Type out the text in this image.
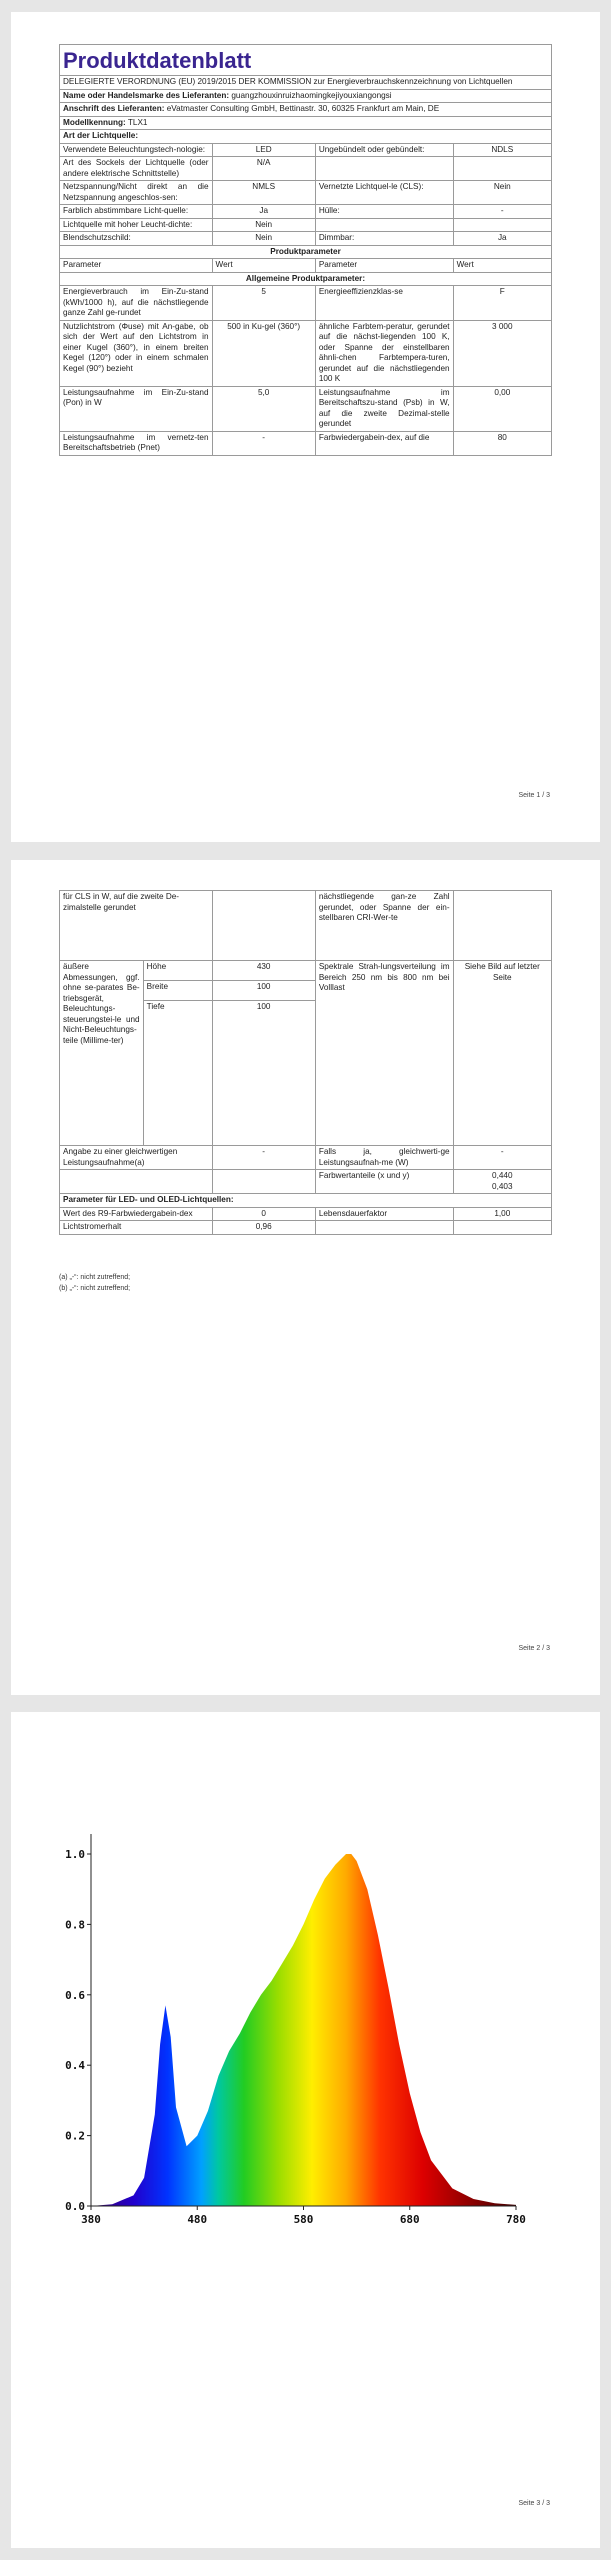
Produktdatenblatt
DELEGIERTE VERORDNUNG (EU) 2019/2015 DER KOMMISSION zur Energieverbrauchskennzeichnung von Lichtquellen
Name oder Handelsmarke des Lieferanten: guangzhouxinruizhaomingkejiyouxiangongsi
Anschrift des Lieferanten: eVatmaster Consulting GmbH, Bettinastr. 30, 60325 Frankfurt am Main, DE
Modellkennung: TLX1
Art der Lichtquelle:
Verwendete Beleuchtungstech-nologie:	LED	Ungebündelt oder gebündelt:	NDLS
Art des Sockels der Lichtquelle (oder andere elektrische Schnittstelle)	N/A		
Netzspannung/Nicht direkt an die Netzspannung angeschlos-sen:	NMLS	Vernetzte Lichtquel-le (CLS):	Nein
Farblich abstimmbare Licht-quelle:	Ja	Hülle:	-
Lichtquelle mit hoher Leucht-dichte:	Nein		
Blendschutzschild:	Nein	Dimmbar:	Ja
Produktparameter			
Parameter	Wert	Parameter	Wert
Allgemeine Produktparameter:			
Energieverbrauch im Ein-Zu-stand (kWh/1000 h), auf die nächstliegende ganze Zahl ge-rundet	5	Energieeffizienzklas-se	F
Nutzlichtstrom (Φuse) mit An-gabe, ob sich der Wert auf den Lichtstrom in einer Kugel (360°), in einem breiten Kegel (120°) oder in einem schmalen Kegel (90°) bezieht	500 in Ku-gel (360°)	ähnliche Farbtem-peratur, gerundet auf die nächst-liegenden 100 K, oder Spanne der einstellbaren ähnli-chen Farbtempera-turen, gerundet auf die nächstliegenden 100 K	3 000
Leistungsaufnahme im Ein-Zu-stand (Pon) in W	5,0	Leistungsaufnahme im Bereitschaftszu-stand (Psb) in W, auf die zweite Dezimal-stelle gerundet	0,00
Leistungsaufnahme im vernetz-ten Bereitschaftsbetrieb (Pnet)	-	Farbwiedergabein-dex, auf die	80
Seite 1 / 3
für CLS in W, auf die zweite De-zimalstelle gerundet			nächstliegende gan-ze Zahl gerundet, oder Spanne der ein-stellbaren CRI-Wer-te	
äußere Abmessungen, ggf. ohne se-parates Be-triebsgerät, Beleuchtungs-steuerungstei-le und Nicht-Beleuchtungs-teile (Millime-ter)	Höhe	430	Spektrale Strah-lungsverteilung im Bereich 250 nm bis 800 nm bei Volllast	Siehe Bild auf letzter Seite
	Breite	100		
	Tiefe	100		
Angabe zu einer gleichwertigen Leistungsaufnahme(a)		-	Falls ja, gleichwerti-ge Leistungsaufnah-me (W)	-
			Farbwertanteile (x und y)	0,440
0,403
Parameter für LED- und OLED-Lichtquellen:				
Wert des R9-Farbwiedergabein-dex		0	Lebensdauerfaktor	1,00
Lichtstromerhalt		0,96		
(a) „-“: nicht zutreffend;
(b) „-“: nicht zutreffend;
Seite 2 / 3
0.0
0.2
0.4
0.6
0.8
1.0
380	480	580	680	780
Seite 3 / 3
